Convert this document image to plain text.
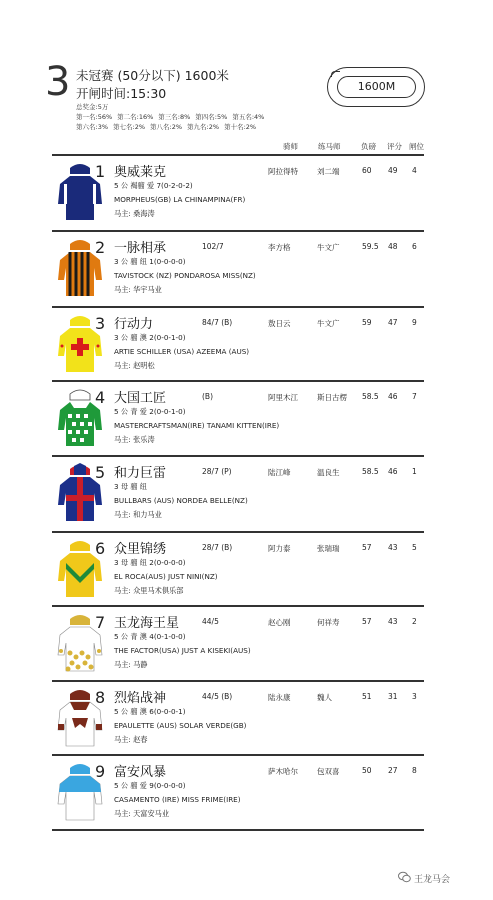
3 未冠赛 (50分以下) 1600米
开闸时间:15:30
总奖金:5万
第一名:56% 第二名:16% 第三名:8% 第四名:5% 第五名:4%
第六名:3% 第七名:2% 第八名:2% 第九名:2% 第十名:2%
1600M
骑师	练马师	负磅 评分 闸位
1 奥威莱克	阿拉得特	刘二端	60 49 4
5 公 褐骝 爱 7(0-2-0-2)
MORPHEUS(GB) LA CHINAMPINA(FR)
马主: 桑海涛
2 一脉相承	102/7	李方格	牛文广	59.5 48 6
3 公 骝 纽 1(0-0-0-0)
TAVISTOCK (NZ) PONDAROSA MISS(NZ)
马主: 华宇马业
3 行动力	84/7 (B)	敖日云	牛文广	59 47 9
3 公 骝 澳 2(0-0-1-0)
ARTIE SCHILLER (USA) AZEEMA (AUS)
马主: 赵明松
4 大国工匠	(B)	阿里木江	斯日古楞 58.5 46 7
5 公 青 爱 2(0-0-1-0)
MASTERCRAFTSMAN(IRE) TANAMI KITTEN(IRE)
马主: 张乐涛
5 和力巨雷	28/7 (P)	陆江峰	温良生	58.5 46 1
3 母 骝 纽
BULLBARS (AUS) NORDEA BELLE(NZ)
马主: 和力马业
6 众里锦绣	28/7 (B)	阿力泰	张瑞瑞	57 43 5
3 母 骝 纽 2(0-0-0-0)
EL ROCA(AUS) JUST NINI(NZ)
马主: 众里马术俱乐部
7 玉龙海王星	44/5	赵心刚	何祥寿	57 43 2
5 公 青 澳 4(0-1-0-0)
THE FACTOR(USA) JUST A KISEKI(AUS)
马主: 马静
8 烈焰战神	44/5 (B)	陆永康	魏人	51 31 3
5 公 骝 澳 6(0-0-0-1)
EPAULETTE (AUS) SOLAR VERDE(GB)
马主: 赵春
9 富安风暴	萨木哈尔	包双喜	50 27 8
5 公 骝 爱 9(0-0-0-0)
CASAMENTO (IRE) MISS FRIME(IRE)
马主: 天富安马业
王龙马会
